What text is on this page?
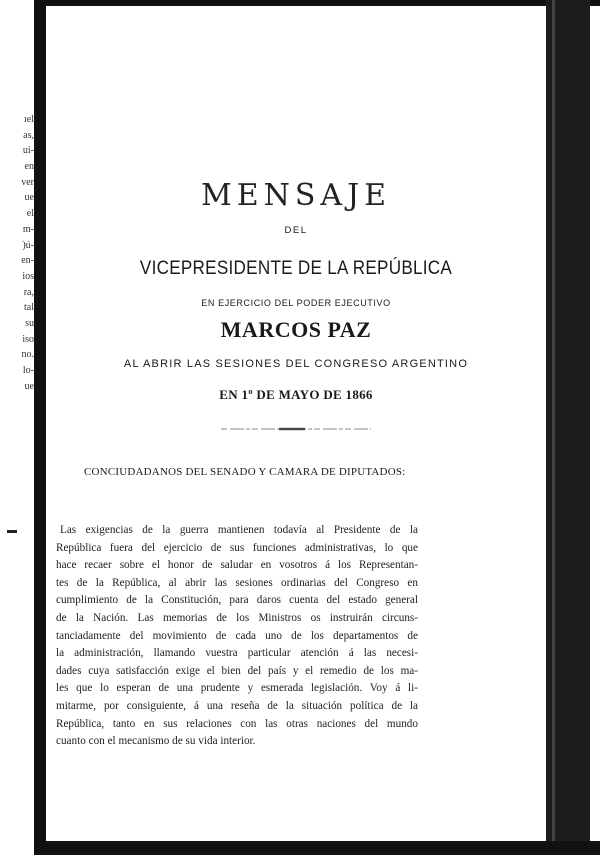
ıel
as,
ui-
en
ver
ue
el
m-
)ú-
en-
ios
ra,
tal
su
iso
no.
lo-
ue
▬
MENSAJE
DEL
VICEPRESIDENTE DE LA REPÚBLICA
EN EJERCICIO DEL PODER EJECUTIVO
MARCOS PAZ
AL ABRIR LAS SESIONES DEL CONGRESO ARGENTINO
EN 1º DE MAYO DE 1866
CONCIUDADANOS DEL SENADO Y CAMARA DE DIPUTADOS:
Las exigencias de la guerra mantienen todavía al Presidente de la
República fuera del ejercicio de sus funciones administrativas, lo que
hace recaer sobre el honor de saludar en vosotros á los Representan-
tes de la República, al abrir las sesiones ordinarias del Congreso en
cumplimiento de la Constitución, para daros cuenta del estado general
de la Nación. Las memorias de los Ministros os instruirán circuns-
tanciadamente del movimiento de cada uno de los departamentos de
la administración, llamando vuestra particular atención á las necesi-
dades cuya satisfacción exige el bien del país y el remedio de los ma-
les que lo esperan de una prudente y esmerada legislación. Voy á li-
mitarme, por consiguiente, á una reseña de la situación política de la
República, tanto en sus relaciones con las otras naciones del mundo
cuanto con el mecanismo de su vida interior.
